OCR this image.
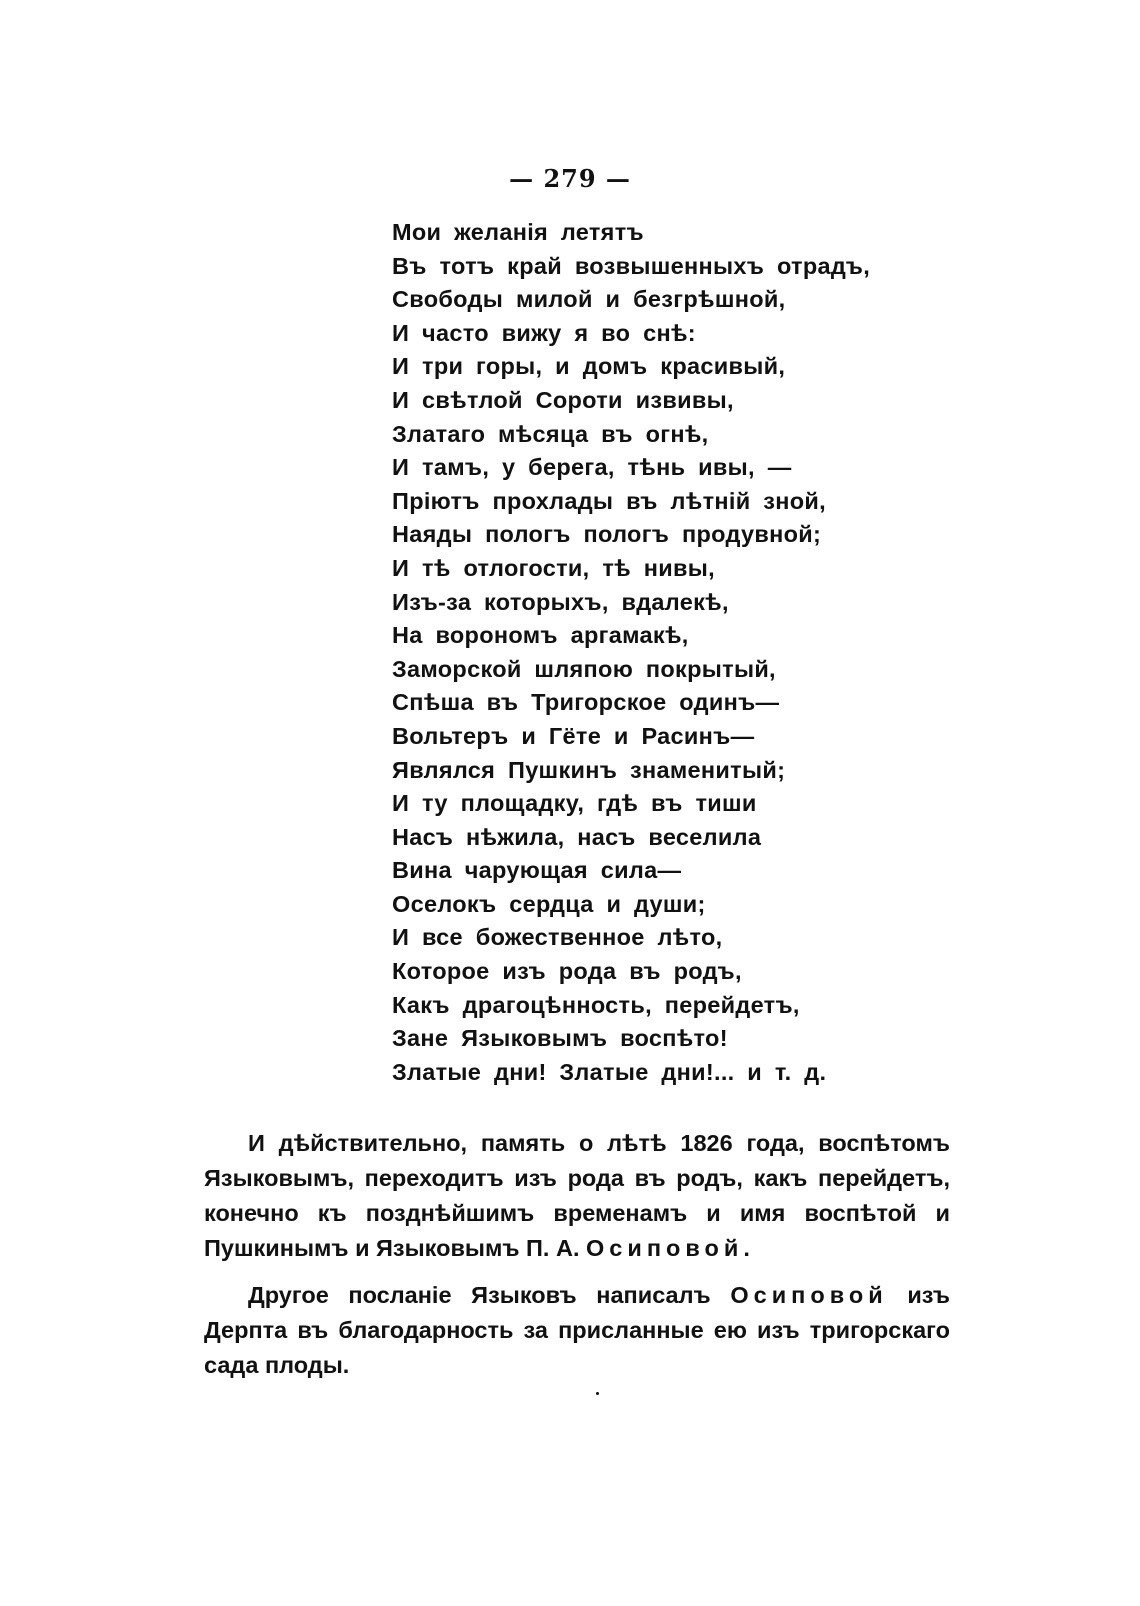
— 279 —
Мои желанія летятъ
Въ тотъ край возвышенныхъ отрадъ,
Свободы милой и безгрѣшной,
И часто вижу я во снѣ:
И три горы, и домъ красивый,
И свѣтлой Сороти извивы,
Златаго мѣсяца въ огнѣ,
И тамъ, у берега, тѣнь ивы, —
Пріютъ прохлады въ лѣтній зной,
Наяды пологъ пологъ продувной;
И тѣ отлогости, тѣ нивы,
Изъ-за которыхъ, вдалекѣ,
На ворономъ аргамакѣ,
Заморской шляпою покрытый,
Спѣша въ Тригорское одинъ—
Вольтеръ и Гёте и Расинъ—
Являлся Пушкинъ знаменитый;
И ту площадку, гдѣ въ тиши
Насъ нѣжила, насъ веселила
Вина чарующая сила—
Оселокъ сердца и души;
И все божественное лѣто,
Которое изъ рода въ родъ,
Какъ драгоцѣнность, перейдетъ,
Зане Языковымъ воспѣто!
Златые дни! Златые дни!... и т. д.

И дѣйствительно, память о лѣтѣ 1826 года, воспѣтомъ Языковымъ, переходитъ изъ рода въ родъ, какъ перейдетъ, конечно къ позднѣйшимъ временамъ и имя воспѣтой и Пушкинымъ и Языковымъ П. А. Осиповой.

Другое посланіе Языковъ написалъ Осиповой изъ Дерпта въ благодарность за присланные ею изъ тригорскаго сада плоды.
